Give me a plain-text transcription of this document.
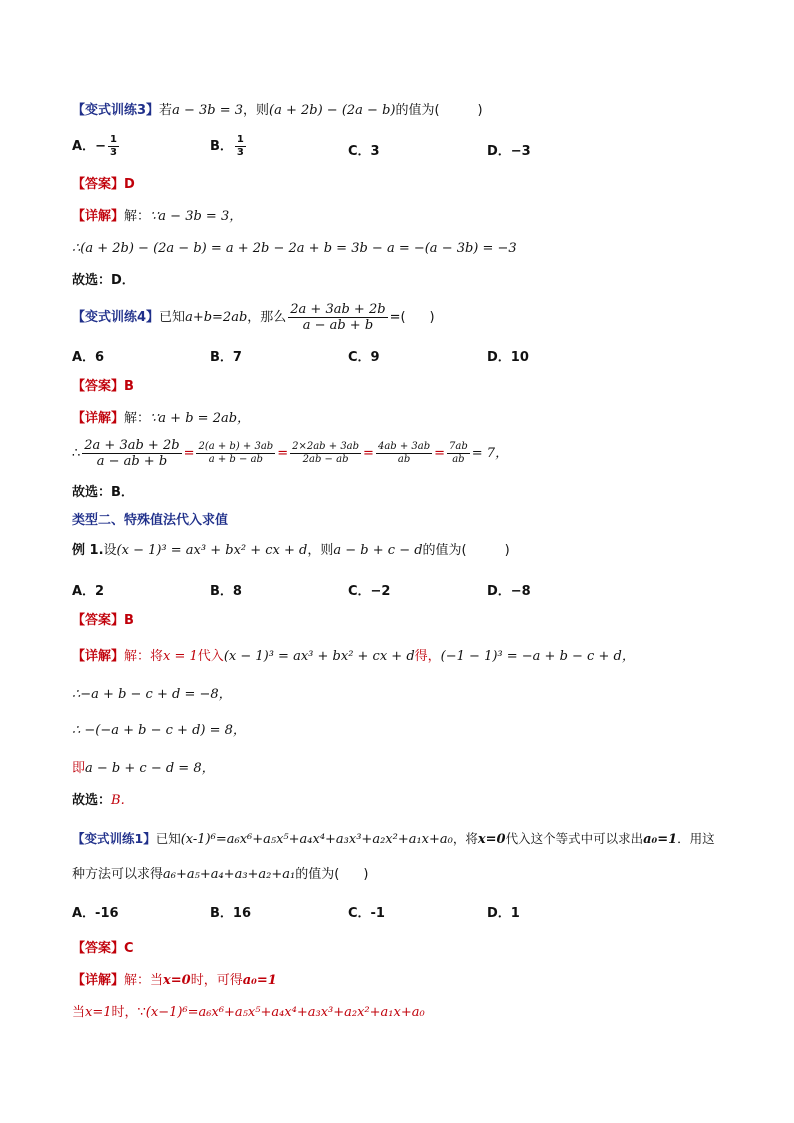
【变式训练3】若a − 3b = 3，则(a + 2b) − (2a − b)的值为(	)
A．− $\frac{1}{3}$	B． $\frac{1}{3}$	C．3	D．−3
【答案】D
【详解】解：∵a − 3b = 3，
∴(a + 2b) − (2a − b) = a + 2b − 2a + b = 3b − a = −(a − 3b) = −3
故选：D．
【变式训练4】已知a+b=2ab，那么 $\frac{2a + 3ab + 2b}{a - ab + b}$ =( )
A．6	B．7	C．9	D．10
【答案】B
【详解】解：∵a + b = 2ab，
∴ $\frac{2a + 3ab + 2b}{a - ab + b} = \frac{2(a + b) + 3ab}{a + b - ab} = \frac{2\times 2ab + 3ab}{2ab - ab} = \frac{4ab + 3ab}{ab} = \frac{7ab}{ab} = 7$，
故选：B．
类型二、特殊值法代入求值
例 1.设(x − 1)³ = ax³ + bx² + cx + d，则a − b + c − d的值为(	)
A．2	B．8	C．−2	D．−8
【答案】B
【详解】解：将x = 1代入(x − 1)³ = ax³ + bx² + cx + d得，(−1 − 1)³ = −a + b − c + d，
∴−a + b − c + d = −8，
∴ −(−a + b − c + d) = 8，
即a − b + c − d = 8，
故选：B.
【变式训练1】已知(x-1)⁶=a₆x⁶+a₅x⁵+a₄x⁴+a₃x³+a₂x²+a₁x+a₀，将x=0代入这个等式中可以求出a₀=1．用这
种方法可以求得a₆+a₅+a₄+a₃+a₂+a₁的值为( )
A．-16	B．16	C．-1	D．1
【答案】C
【详解】解：当x=0时，可得a₀=1
当x=1时，∵(x−1)⁶=a₆x⁶+a₅x⁵+a₄x⁴+a₃x³+a₂x²+a₁x+a₀
